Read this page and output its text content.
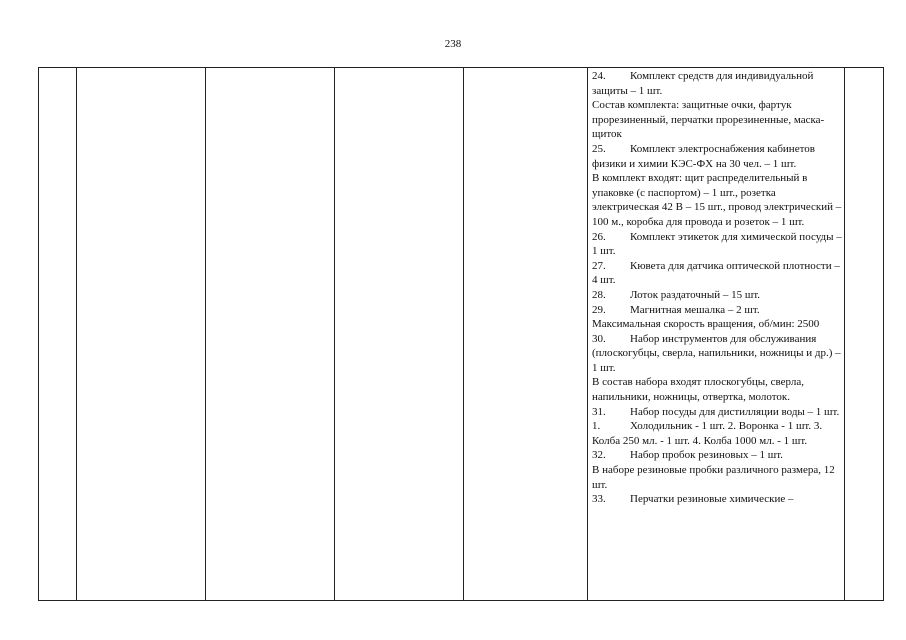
238

24. Комплект средств для индивидуальной защиты – 1 шт.

Состав комплекта: защитные очки, фартук прорезиненный, перчатки прорезиненные, маска-щиток

25. Комплект электроснабжения кабинетов физики и химии КЭС-ФХ на 30 чел. – 1 шт.

В комплект входят: щит распределительный в упаковке (с паспортом) – 1 шт., розетка электрическая 42 В – 15 шт., провод электрический – 100 м., коробка для провода и розеток – 1 шт.

26. Комплект этикеток для химической посуды – 1 шт.

27. Кювета для датчика оптической плотности – 4 шт.

28. Лоток раздаточный – 15 шт.

29. Магнитная мешалка – 2 шт.

Максимальная скорость вращения, об/мин: 2500

30. Набор инструментов для обслуживания (плоскогубцы, сверла, напильники, ножницы и др.) – 1 шт.

В состав набора входят плоскогубцы, сверла, напильники, ножницы, отвертка, молоток.

31. Набор посуды для дистилляции воды – 1 шт.

1.	Холодильник - 1 шт. 2. Воронка - 1 шт. 3. Колба 250 мл. - 1 шт. 4. Колба 1000 мл. - 1 шт.

32. Набор пробок резиновых – 1 шт.

В наборе резиновые пробки различного размера, 12 шт.

33. Перчатки резиновые химические –
